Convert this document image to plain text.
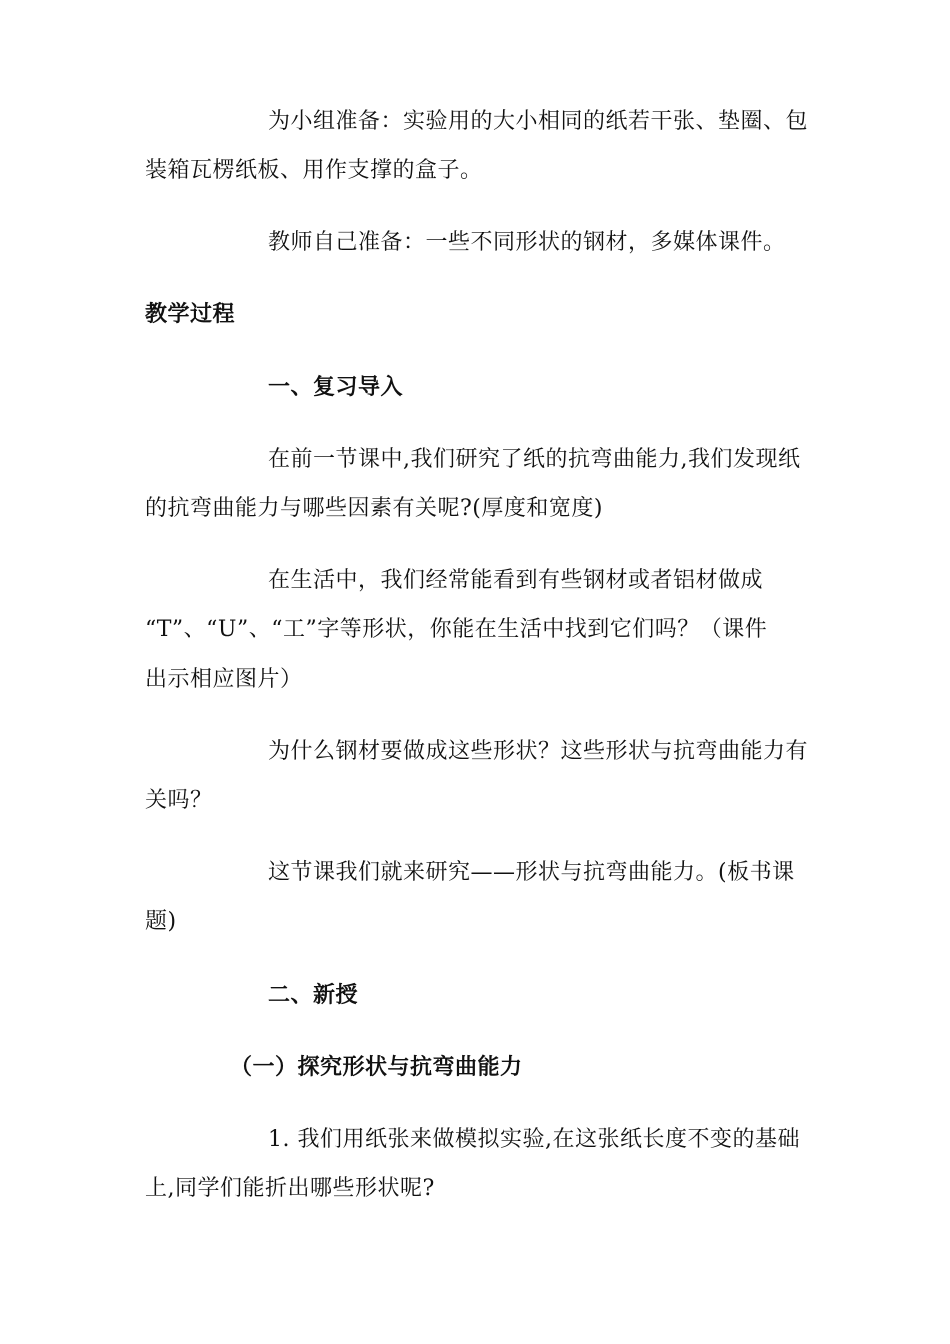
为小组准备：实验用的大小相同的纸若干张、垫圈、包
装箱瓦楞纸板、用作支撑的盒子。
教师自己准备：一些不同形状的钢材，多媒体课件。
教学过程
一、复习导入
在前一节课中,我们研究了纸的抗弯曲能力,我们发现纸
的抗弯曲能力与哪些因素有关呢?(厚度和宽度)
在生活中，我们经常能看到有些钢材或者铝材做成
“T”、“U”、“工”字等形状，你能在生活中找到它们吗？（课件
出示相应图片）
为什么钢材要做成这些形状？这些形状与抗弯曲能力有
关吗？
这节课我们就来研究——形状与抗弯曲能力。(板书课
题)
二、新授
（一）探究形状与抗弯曲能力
1. 我们用纸张来做模拟实验,在这张纸长度不变的基础
上,同学们能折出哪些形状呢?
